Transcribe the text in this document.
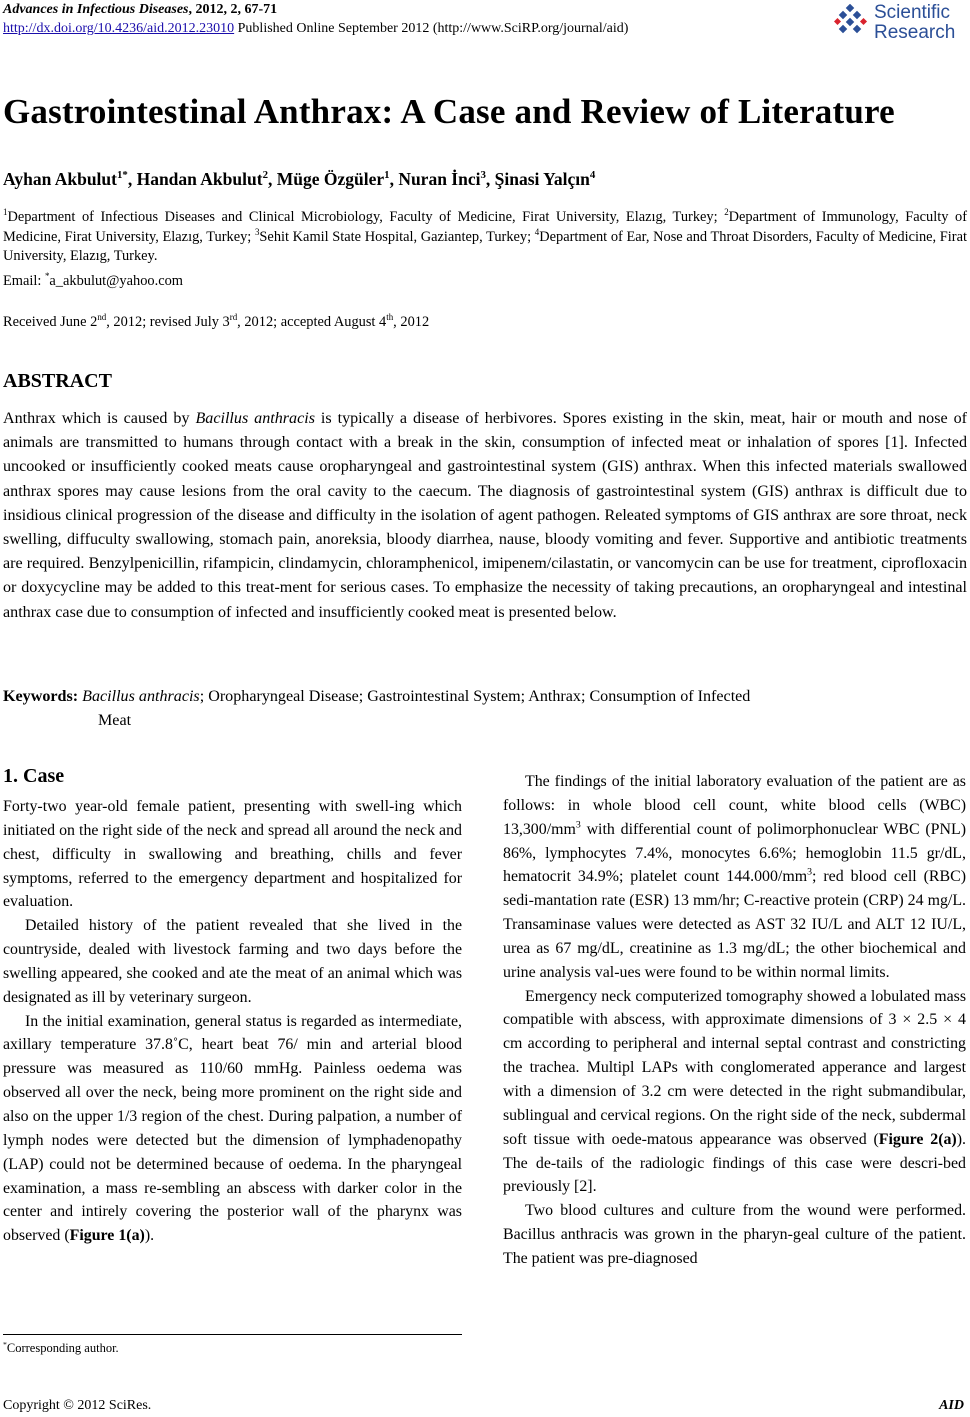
Advances in Infectious Diseases, 2012, 2, 67-71
http://dx.doi.org/10.4236/aid.2012.23010 Published Online September 2012 (http://www.SciRP.org/journal/aid)
Scientific
Research
Gastrointestinal Anthrax: A Case and Review of Literature
Ayhan Akbulut$^{1*}$, Handan Akbulut$^2$, Müge Özgüler$^1$, Nuran İnci$^3$, Şinasi Yalçın$^4$
$^1$Department of Infectious Diseases and Clinical Microbiology, Faculty of Medicine, Firat University, Elazıg, Turkey; $^2$Department of Immunology, Faculty of Medicine, Firat University, Elazıg, Turkey; $^3$Sehit Kamil State Hospital, Gaziantep, Turkey; $^4$Department of Ear, Nose and Throat Disorders, Faculty of Medicine, Firat University, Elazıg, Turkey.
Email: *a_akbulut@yahoo.com
Received June 2nd, 2012; revised July 3rd, 2012; accepted August 4th, 2012
ABSTRACT
Anthrax which is caused by Bacillus anthracis is typically a disease of herbivores. Spores existing in the skin, meat, hair or mouth and nose of animals are transmitted to humans through contact with a break in the skin, consumption of infected meat or inhalation of spores [1]. Infected uncooked or insufficiently cooked meats cause oropharyngeal and gastrointestinal system (GIS) anthrax. When this infected materials swallowed anthrax spores may cause lesions from the oral cavity to the caecum. The diagnosis of gastrointestinal system (GIS) anthrax is difficult due to insidious clinical progression of the disease and difficulty in the isolation of agent pathogen. Releated symptoms of GIS anthrax are sore throat, neck swelling, diffuculty swallowing, stomach pain, anoreksia, bloody diarrhea, nause, bloody vomiting and fever. Supportive and antibiotic treatments are required. Benzylpenicillin, rifampicin, clindamycin, chloramphenicol, imipenem/cilastatin, or vancomycin can be use for treatment, ciprofloxacin or doxycycline may be added to this treat-ment for serious cases. To emphasize the necessity of taking precautions, an oropharyngeal and intestinal anthrax case due to consumption of infected and insufficiently cooked meat is presented below.
Keywords: Bacillus anthracis; Oropharyngeal Disease; Gastrointestinal System; Anthrax; Consumption of Infected
Meat
1. Case

Forty-two year-old female patient, presenting with swell-ing which initiated on the right side of the neck and spread all around the neck and chest, difficulty in swallowing and breathing, chills and fever symptoms, referred to the emergency department and hospitalized for evaluation.

Detailed history of the patient revealed that she lived in the countryside, dealed with livestock farming and two days before the swelling appeared, she cooked and ate the meat of an animal which was designated as ill by veterinary surgeon.

In the initial examination, general status is regarded as intermediate, axillary temperature 37.8˚C, heart beat 76/ min and arterial blood pressure was measured as 110/60 mmHg. Painless oedema was observed all over the neck, being more prominent on the right side and also on the upper 1/3 region of the chest. During palpation, a number of lymph nodes were detected but the dimension of lymphadenopathy (LAP) could not be determined because of oedema. In the pharyngeal examination, a mass re-sembling an abscess with darker color in the center and intirely covering the posterior wall of the pharynx was observed (Figure 1(a)).

The findings of the initial laboratory evaluation of the patient are as follows: in whole blood cell count, white blood cells (WBC) $13,300/mm^3$ with differential count of polimorphonuclear WBC (PNL) 86%, lymphocytes 7.4%, monocytes 6.6%; hemoglobin 11.5 gr/dL, hematocrit 34.9%; platelet count $144.000/mm^3$; red blood cell (RBC) sedi-mantation rate (ESR) 13 mm/hr; C-reactive protein (CRP) 24 mg/L. Transaminase values were detected as AST 32 IU/L and ALT 12 IU/L, urea as 67 mg/dL, creatinine as 1.3 mg/dL; the other biochemical and urine analysis val-ues were found to be within normal limits.

Emergency neck computerized tomography showed a lobulated mass compatible with abscess, with approximate dimensions of 3 × 2.5 × 4 cm according to peripheral and internal septal contrast and constricting the trachea. Multipl LAPs with conglomerated apperance and largest with a dimension of 3.2 cm were detected in the right submandibular, sublingual and cervical regions. On the right side of the neck, subdermal soft tissue with oede-matous appearance was observed (Figure 2(a)). The de-tails of the radiologic findings of this case were descri-bed previously [2].

Two blood cultures and culture from the wound were performed. Bacillus anthracis was grown in the pharyn-geal culture of the patient. The patient was pre-diagnosed

*Corresponding author.
Copyright © 2012 SciRes.	AID
